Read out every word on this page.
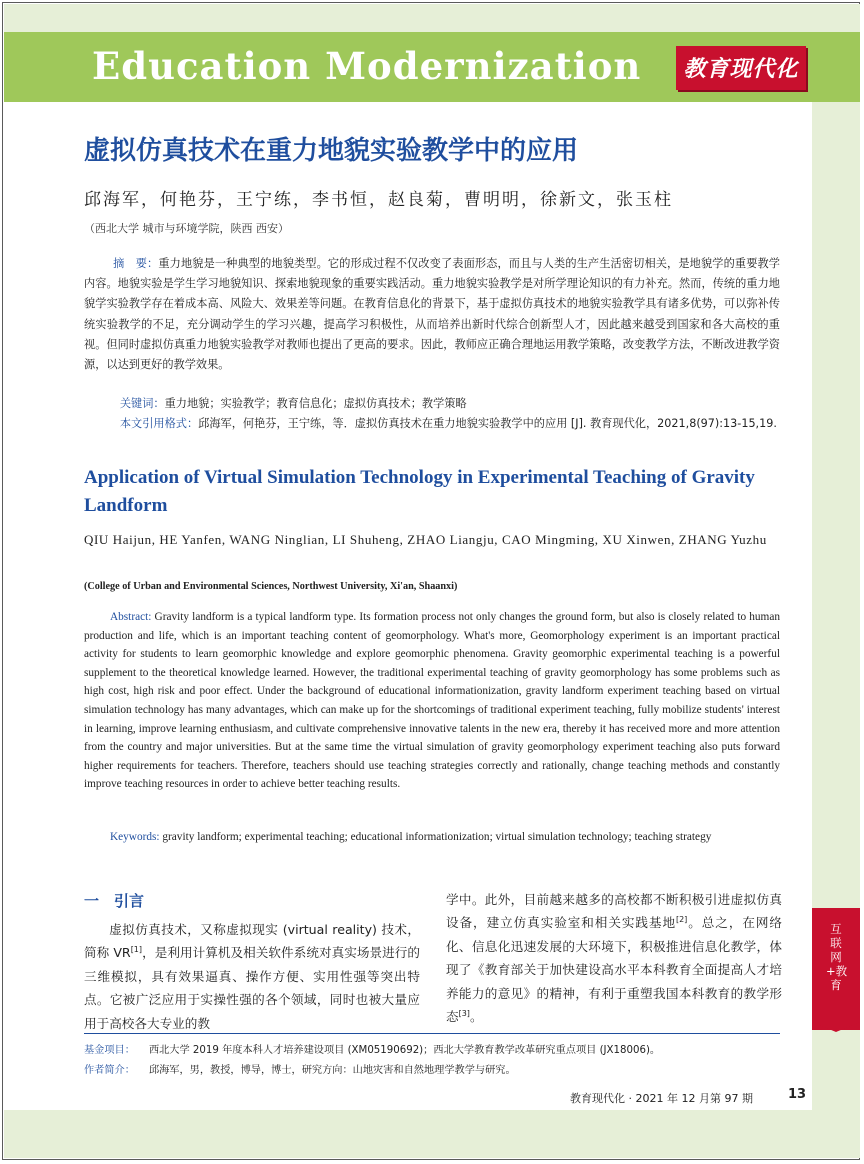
Education Modernization	教育现代化
虚拟仿真技术在重力地貌实验教学中的应用
邱海军，何艳芬，王宁练，李书恒，赵良菊，曹明明，徐新文，张玉柱
（西北大学 城市与环境学院，陕西 西安）
摘　要：重力地貌是一种典型的地貌类型。它的形成过程不仅改变了表面形态，而且与人类的生产生活密切相关，是地貌学的重要教学内容。地貌实验是学生学习地貌知识、探索地貌现象的重要实践活动。重力地貌实验教学是对所学理论知识的有力补充。然而，传统的重力地貌学实验教学存在着成本高、风险大、效果差等问题。在教育信息化的背景下，基于虚拟仿真技术的地貌实验教学具有诸多优势，可以弥补传统实验教学的不足，充分调动学生的学习兴趣，提高学习积极性，从而培养出新时代综合创新型人才，因此越来越受到国家和各大高校的重视。但同时虚拟仿真重力地貌实验教学对教师也提出了更高的要求。因此，教师应正确合理地运用教学策略，改变教学方法，不断改进教学资源，以达到更好的教学效果。
关键词：重力地貌；实验教学；教育信息化；虚拟仿真技术；教学策略
本文引用格式：邱海军，何艳芬，王宁练，等．虚拟仿真技术在重力地貌实验教学中的应用 [J]. 教育现代化，2021,8(97):13-15,19.
Application of Virtual Simulation Technology in Experimental Teaching of Gravity Landform
QIU Haijun, HE Yanfen, WANG Ninglian, LI Shuheng, ZHAO Liangju, CAO Mingming, XU Xinwen, ZHANG Yuzhu
(College of Urban and Environmental Sciences, Northwest University, Xi'an, Shaanxi)
Abstract: Gravity landform is a typical landform type. Its formation process not only changes the ground form, but also is closely related to human production and life, which is an important teaching content of geomorphology. What's more, Geomorphology experiment is an important practical activity for students to learn geomorphic knowledge and explore geomorphic phenomena. Gravity geomorphic experimental teaching is a powerful supplement to the theoretical knowledge learned. However, the traditional experimental teaching of gravity geomorphology has some problems such as high cost, high risk and poor effect. Under the background of educational informationization, gravity landform experiment teaching based on virtual simulation technology has many advantages, which can make up for the shortcomings of traditional experiment teaching, fully mobilize students' interest in learning, improve learning enthusiasm, and cultivate comprehensive innovative talents in the new era, thereby it has received more and more attention from the country and major universities. But at the same time the virtual simulation of gravity geomorphology experiment teaching also puts forward higher requirements for teachers. Therefore, teachers should use teaching strategies correctly and rationally, change teaching methods and constantly improve teaching resources in order to achieve better teaching results.
Keywords: gravity landform; experimental teaching; educational informationization; virtual simulation technology; teaching strategy
一　引言
虚拟仿真技术，又称虚拟现实 (virtual reality) 技术，简称 VR[1]，是利用计算机及相关软件系统对真实场景进行的三维模拟，具有效果逼真、操作方便、实用性强等突出特点。它被广泛应用于实操性强的各个领域，同时也被大量应用于高校各大专业的教
学中。此外，目前越来越多的高校都不断积极引进虚拟仿真设备，建立仿真实验室和相关实践基地[2]。总之，在网络化、信息化迅速发展的大环境下，积极推进信息化教学，体现了《教育部关于加快建设高水平本科教育全面提高人才培养能力的意见》的精神，有利于重塑我国本科教育的教学形态[3]。
基金项目： 西北大学 2019 年度本科人才培养建设项目 (XM05190692)；西北大学教育教学改革研究重点项目 (JX18006)。
作者简介： 邱海军，男，教授，博导，博士，研究方向：山地灾害和自然地理学教学与研究。
互联网+教育
教育现代化 · 2021 年 12 月第 97 期	13
